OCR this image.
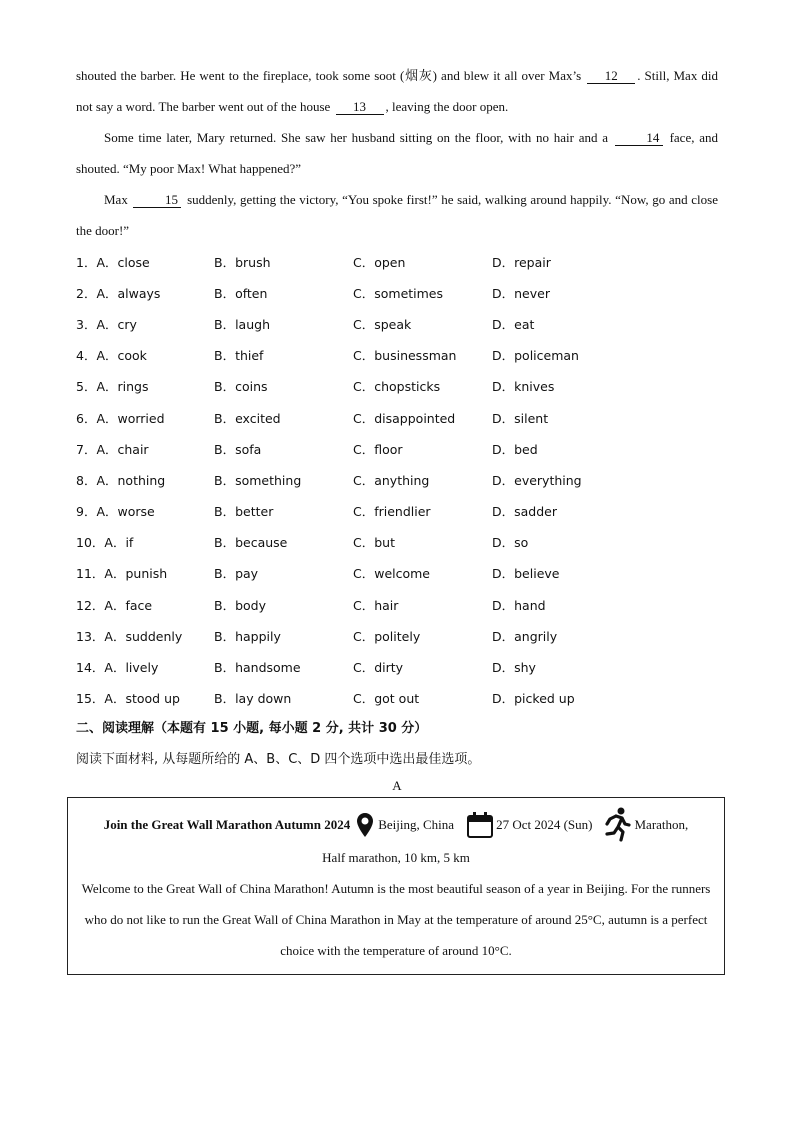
shouted the barber. He went to the fireplace, took some soot (烟灰) and blew it all over Max’s 12 . Still, Max did not say a word. The barber went out of the house 13 , leaving the door open.

Some time later, Mary returned. She saw her husband sitting on the floor, with no hair and a	14 face, and shouted. “My poor Max! What happened?”

Max	15 suddenly, getting the victory, “You spoke first!” he said, walking around happily. “Now, go and close the door!”

1．A．close	B．brush	C．open	D．repair
2．A．always	B．often	C．sometimes	D．never
3．A．cry	B．laugh	C．speak	D．eat
4．A．cook	B．thief	C．businessman	D．policeman
5．A．rings	B．coins	C．chopsticks	D．knives
6．A．worried	B．excited	C．disappointed	D．silent
7．A．chair	B．sofa	C．floor	D．bed
8．A．nothing	B．something	C．anything	D．everything
9．A．worse	B．better	C．friendlier	D．sadder
10．A．if	B．because	C．but	D．so
11．A．punish	B．pay	C．welcome	D．believe
12．A．face	B．body	C．hair	D．hand
13．A．suddenly	B．happily	C．politely	D．angrily
14．A．lively	B．handsome	C．dirty	D．shy
15．A．stood up	B．lay down	C．got out	D．picked up
二、阅读理解（本题有 15 小题, 每小题 2 分, 共计 30 分）
阅读下面材料, 从每题所给的 A、B、C、D 四个选项中选出最佳选项。
A
Join the Great Wall Marathon Autumn 2024 Beijing, China	27 Oct 2024 (Sun)	Marathon,
Half marathon, 10 km, 5 km
Welcome to the Great Wall of China Marathon! Autumn is the most beautiful season of a year in Beijing. For the runners who do not like to run the Great Wall of China Marathon in May at the temperature of around 25°C, autumn is a perfect choice with the temperature of around 10°C.
